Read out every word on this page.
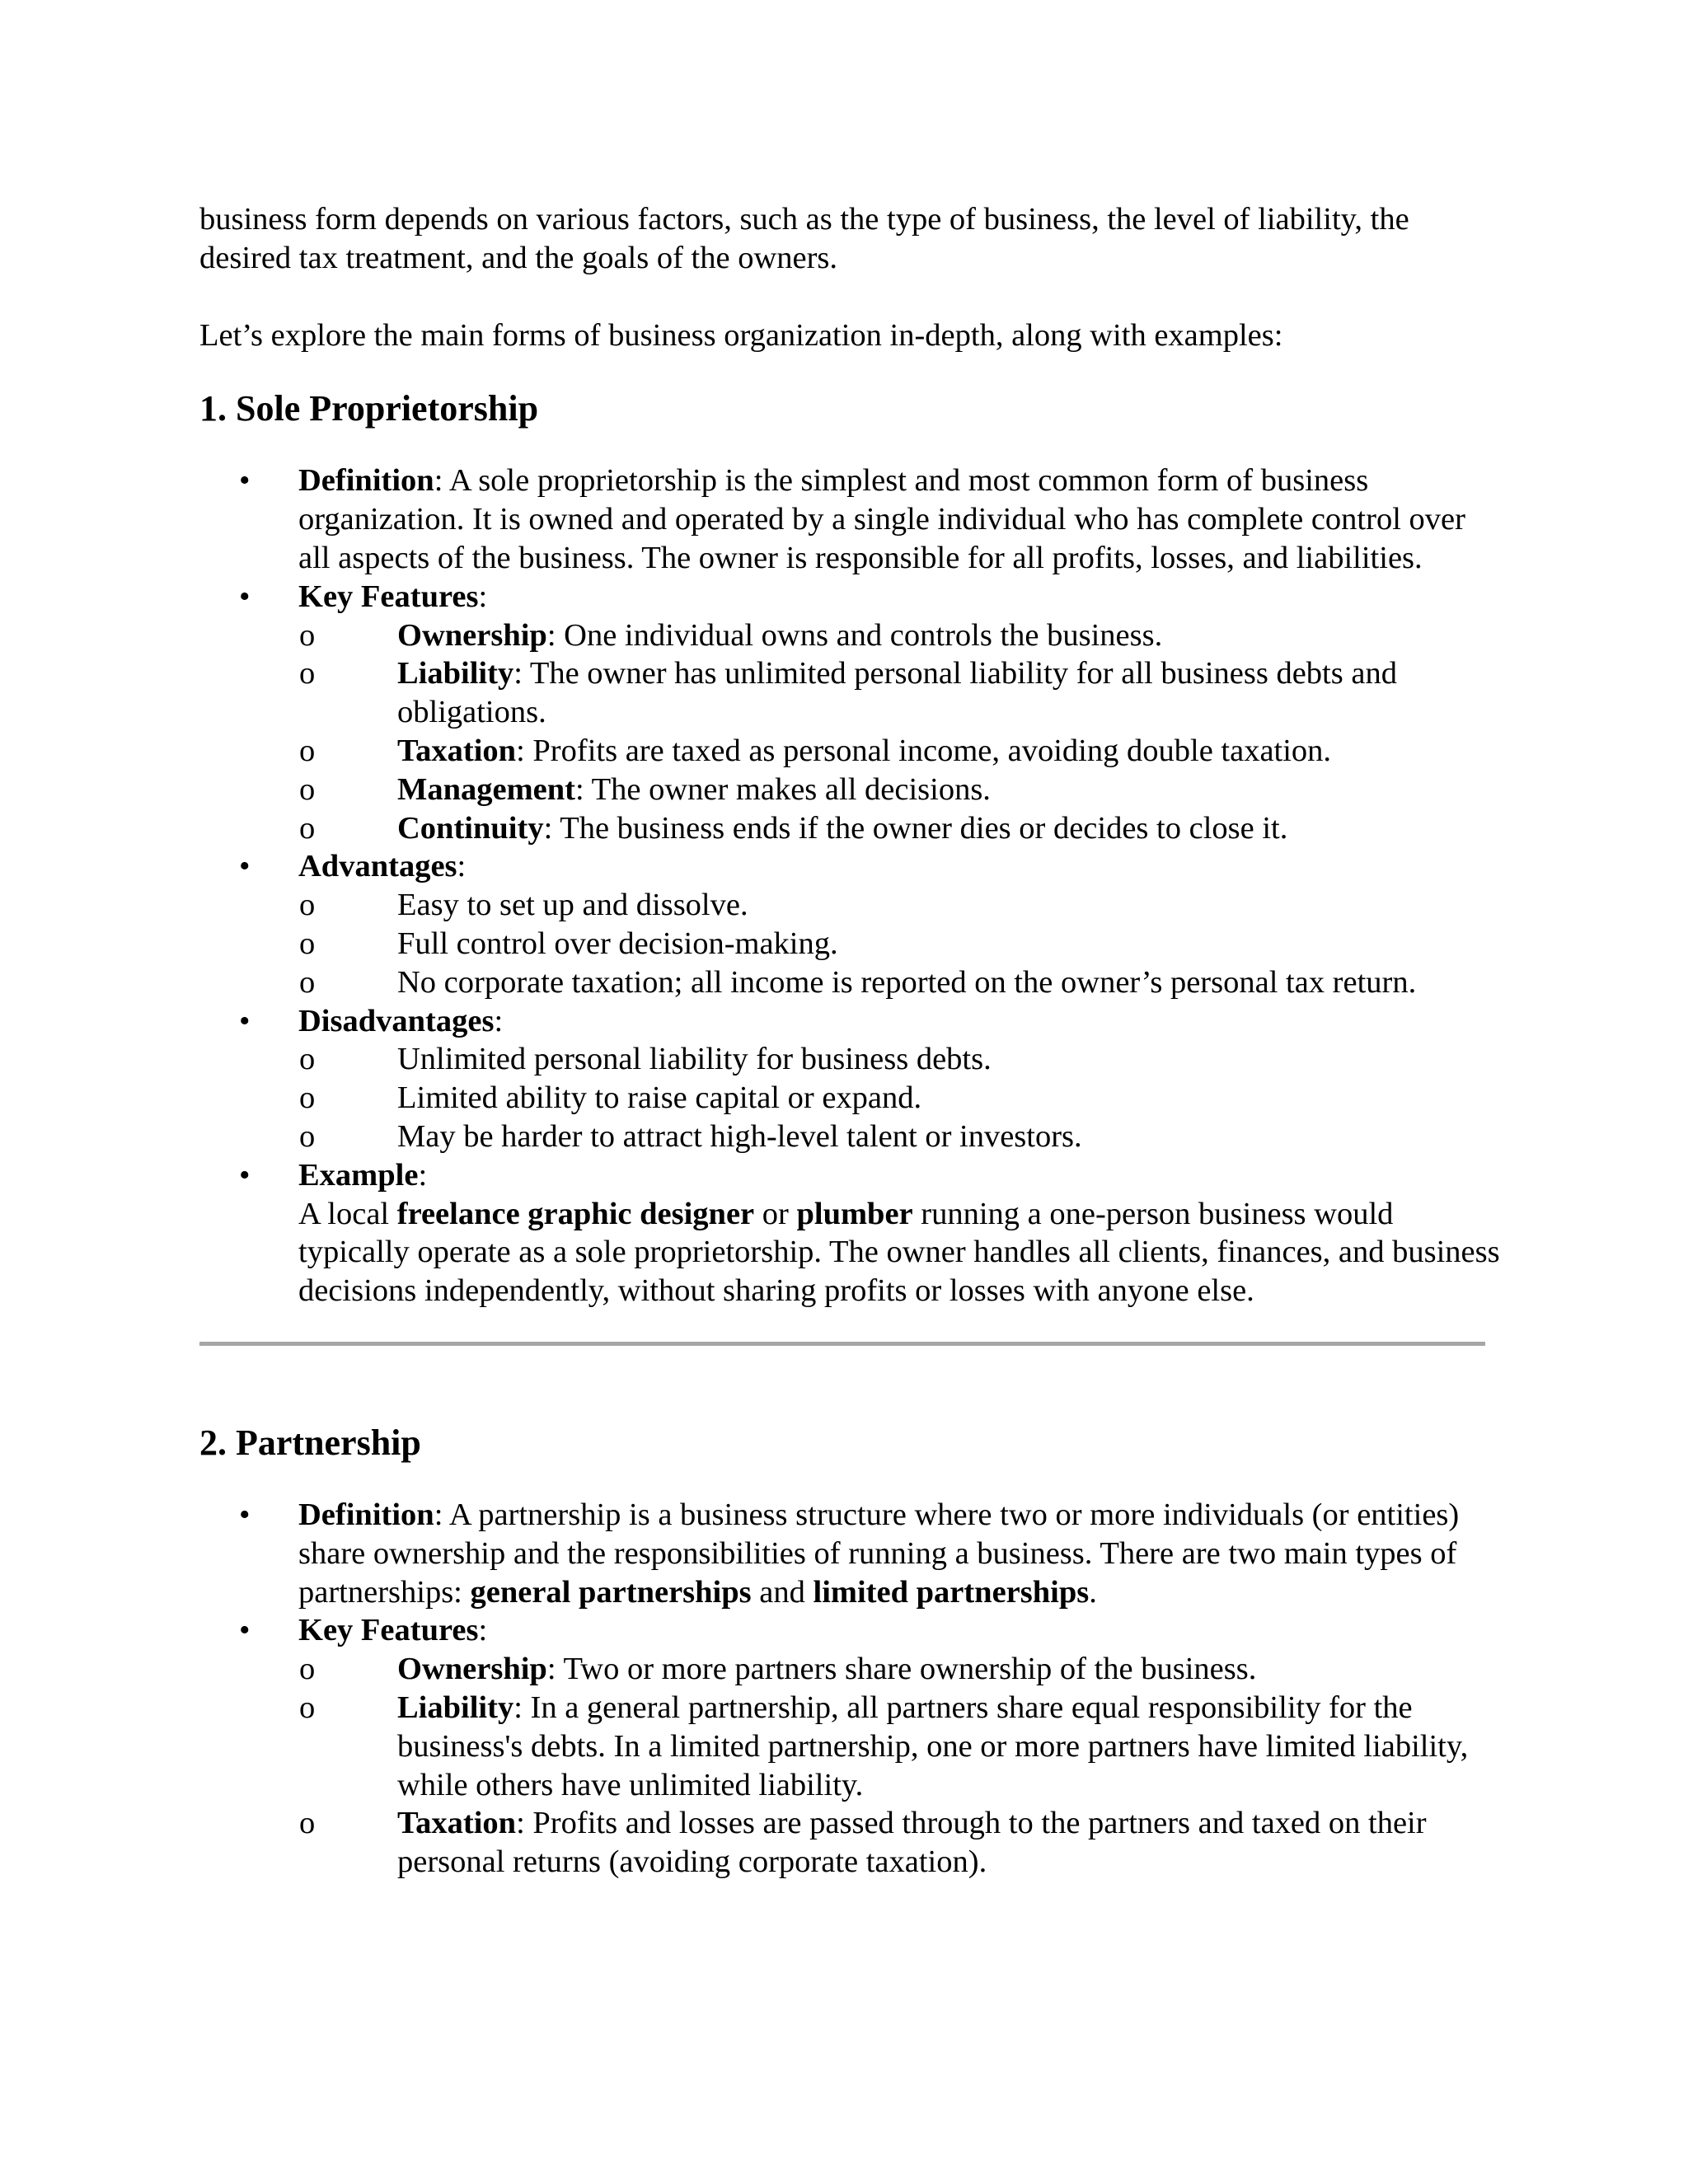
business form depends on various factors, such as the type of business, the level of liability, the desired tax treatment, and the goals of the owners.

Let’s explore the main forms of business organization in-depth, along with examples:

1. Sole Proprietorship
• Definition: A sole proprietorship is the simplest and most common form of business organization. It is owned and operated by a single individual who has complete control over all aspects of the business. The owner is responsible for all profits, losses, and liabilities.
• Key Features:
o Ownership: One individual owns and controls the business.
o Liability: The owner has unlimited personal liability for all business debts and obligations.
o Taxation: Profits are taxed as personal income, avoiding double taxation.
o Management: The owner makes all decisions.
o Continuity: The business ends if the owner dies or decides to close it.
• Advantages:
o Easy to set up and dissolve.
o Full control over decision-making.
o No corporate taxation; all income is reported on the owner’s personal tax return.
• Disadvantages:
o Unlimited personal liability for business debts.
o Limited ability to raise capital or expand.
o May be harder to attract high-level talent or investors.
• Example:
A local freelance graphic designer or plumber running a one-person business would typically operate as a sole proprietorship. The owner handles all clients, finances, and business decisions independently, without sharing profits or losses with anyone else.
2. Partnership
• Definition: A partnership is a business structure where two or more individuals (or entities) share ownership and the responsibilities of running a business. There are two main types of partnerships: general partnerships and limited partnerships.
• Key Features:
o Ownership: Two or more partners share ownership of the business.
o Liability: In a general partnership, all partners share equal responsibility for the business's debts. In a limited partnership, one or more partners have limited liability, while others have unlimited liability.
o Taxation: Profits and losses are passed through to the partners and taxed on their personal returns (avoiding corporate taxation).
